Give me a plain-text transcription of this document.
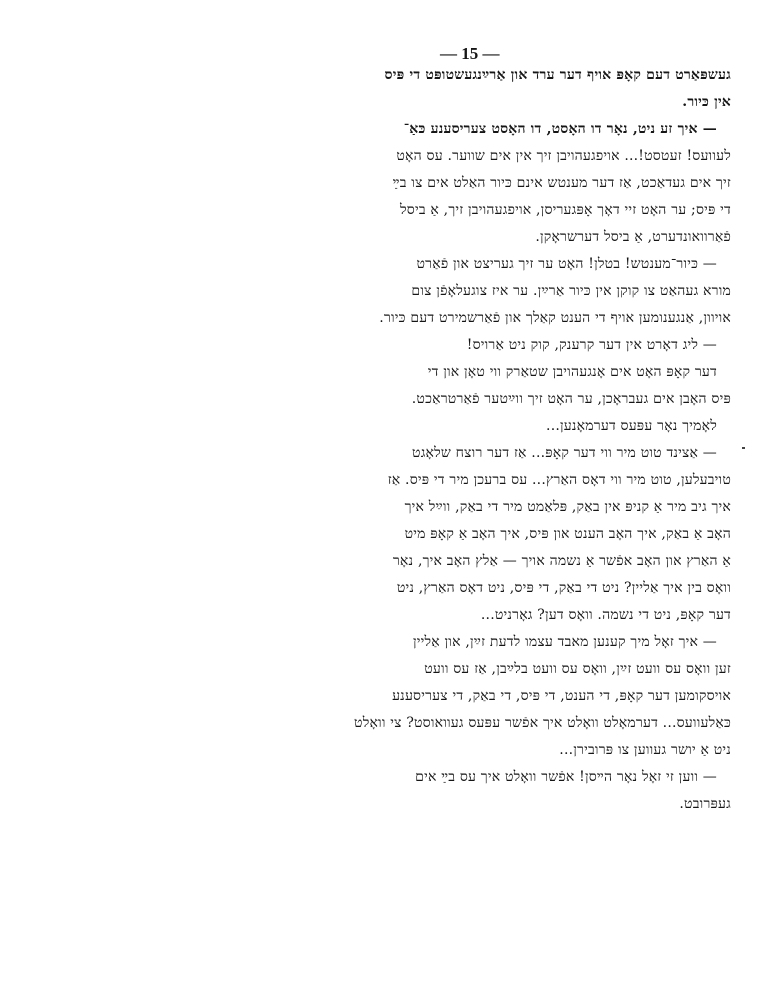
— 15 —
געשפּאַרט דעם קאָפּ אויף דער ערד און אַרײַנגעשטופּט די פּיס
אין כּיור.
— איך זע ניט, נאָר דו האָסט, דו האָסט צעריסענע כּאַ־
לעוועס! זעטסט!... אויפגעהויבן זיך אין אים שווער. עס האָט
זיך אים געדאַכט, אַז דער מענטש אינם כּיור האַלט אים צו בײַ
די פּיס; ער האָט זיי דאָך אָפּגעריסן, אויפגעהויבן זיך, אַ ביסל
פֿאַרוואונדערט, אַ ביסל דערשראָקן.
— כּיור־מענטש! בטלן! האָט ער זיך געריצט און פֿאַרט
מורא געהאַט צו קוקן אין כּיור אַרײַן. ער איז צוגעלאָפֿן צום
אויוון, אַנגענומען אויף די הענט קאַלך און פֿאַרשמירט דעם כּיור.
— ליג דאָרט אין דער קרענק, קוק ניט אַרויס!
דער קאָפּ האָט אים אָנגעהויבן שטאַרק ווי טאָן און די
פּיס האָבן אים געבראָכן, ער האָט זיך ווײַטער פֿאַרטראַכט.
לאָמיך נאָר עפּעס דערמאָנען...
— אַצינד טוט מיר ווי דער קאָפּ... אַז דער רוצח שלאָגט
טויבעלען, טוט מיר ווי דאָס האַרץ... עס ברעכן מיר די פּיס. אַז
איך גיב מיר אַ קניפּ אין באַק, פּלאַמט מיר די באַק, ווײַל איך
האָב אַ באַק, איך האָב הענט און פּיס, איך האָב אַ קאָפּ מיט
אַ האַרץ און האָב אפֿשר אַ נשמה אויך — אַלץ האָב איך, נאָר
וואָס בין איך אַליין? ניט די באַק, די פּיס, ניט דאָס האַרץ, ניט
דער קאָפּ, ניט די נשמה. וואָס דען? גאָרניט...
— איך זאָל מיך קענען מאבד עצמו לדעת זײַן, און אַליין
זען וואָס עס וועט זײַן, וואָס עס וועט בלײַבן, אַז עס וועט
אויסקומען דער קאָפּ, די הענט, די פּיס, די באַק, די צעריסענע
כּאַלעוועס... דערמאָלט וואָלט איך אפֿשר עפּעס געוואוסט? צי וואָלט
ניט אַ יושר געווען צו פּרובירן...
— ווען זי זאָל נאָר הײסן! אפֿשר וואָלט איך עס בײַ אים
געפּרובט.
